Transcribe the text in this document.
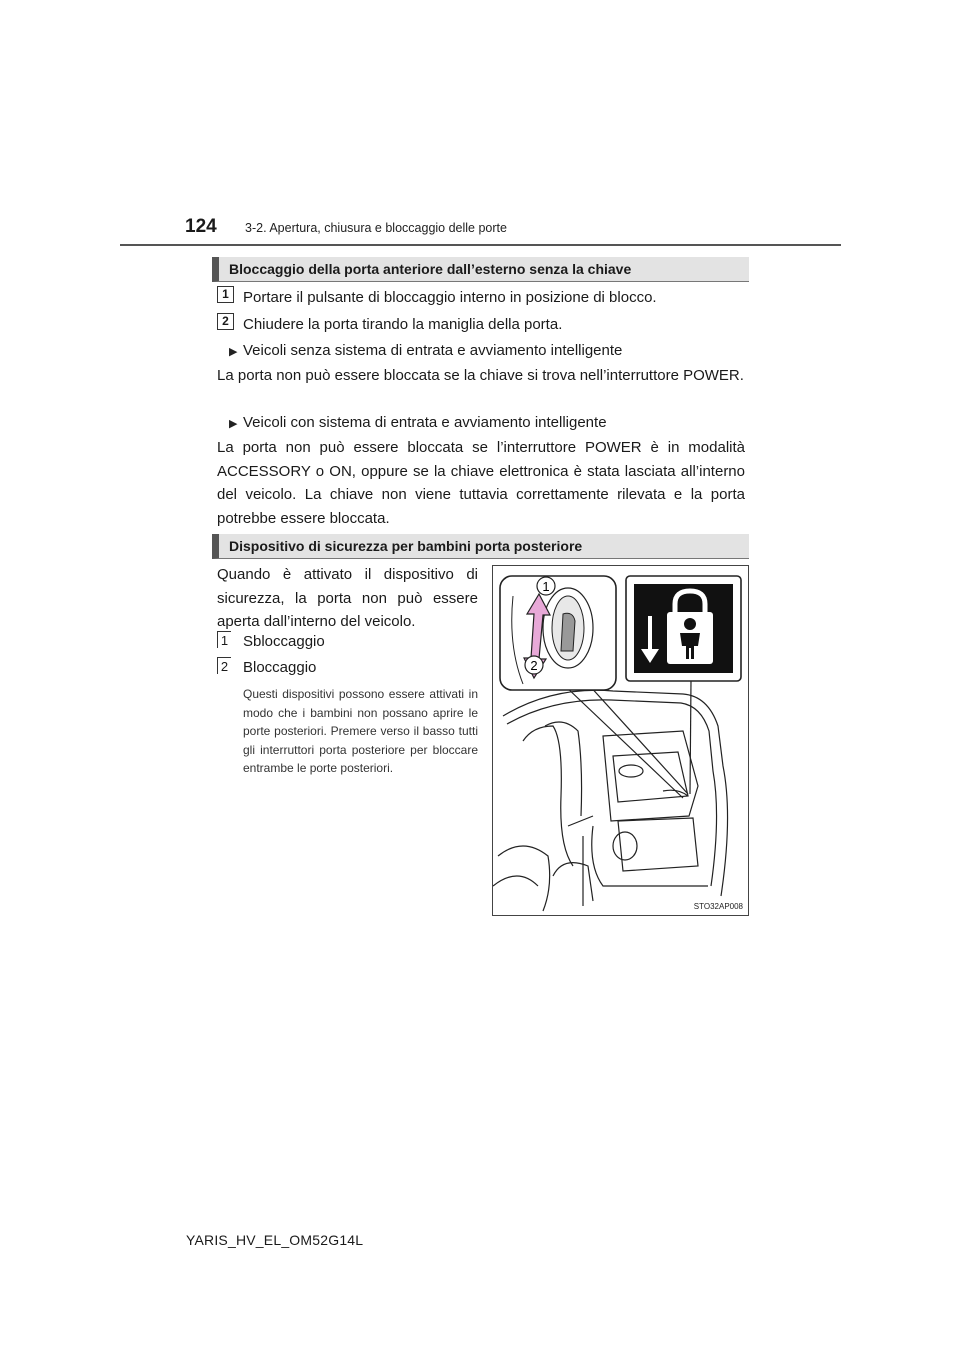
124 3-2. Apertura, chiusura e bloccaggio delle porte
Bloccaggio della porta anteriore dall’esterno senza la chiave
1 Portare il pulsante di bloccaggio interno in posizione di blocco.
2 Chiudere la porta tirando la maniglia della porta.
▶ Veicoli senza sistema di entrata e avviamento intelligente
La porta non può essere bloccata se la chiave si trova nell’interruttore POWER.
▶ Veicoli con sistema di entrata e avviamento intelligente
La porta non può essere bloccata se l’interruttore POWER è in modalità ACCESSORY o ON, oppure se la chiave elettronica è stata lasciata all’interno del veicolo. La chiave non viene tuttavia correttamente rilevata e la porta potrebbe essere bloccata.
Dispositivo di sicurezza per bambini porta posteriore
Quando è attivato il dispositivo di sicurezza, la porta non può essere aperta dall’interno del veicolo.
1 Sbloccaggio
2 Bloccaggio
Questi dispositivi possono essere attivati in modo che i bambini non possano aprire le porte posteriori. Premere verso il basso tutti gli interruttori porta posteriore per bloccare entrambe le porte posteriori.
1
2
STO32AP008
YARIS_HV_EL_OM52G14L
